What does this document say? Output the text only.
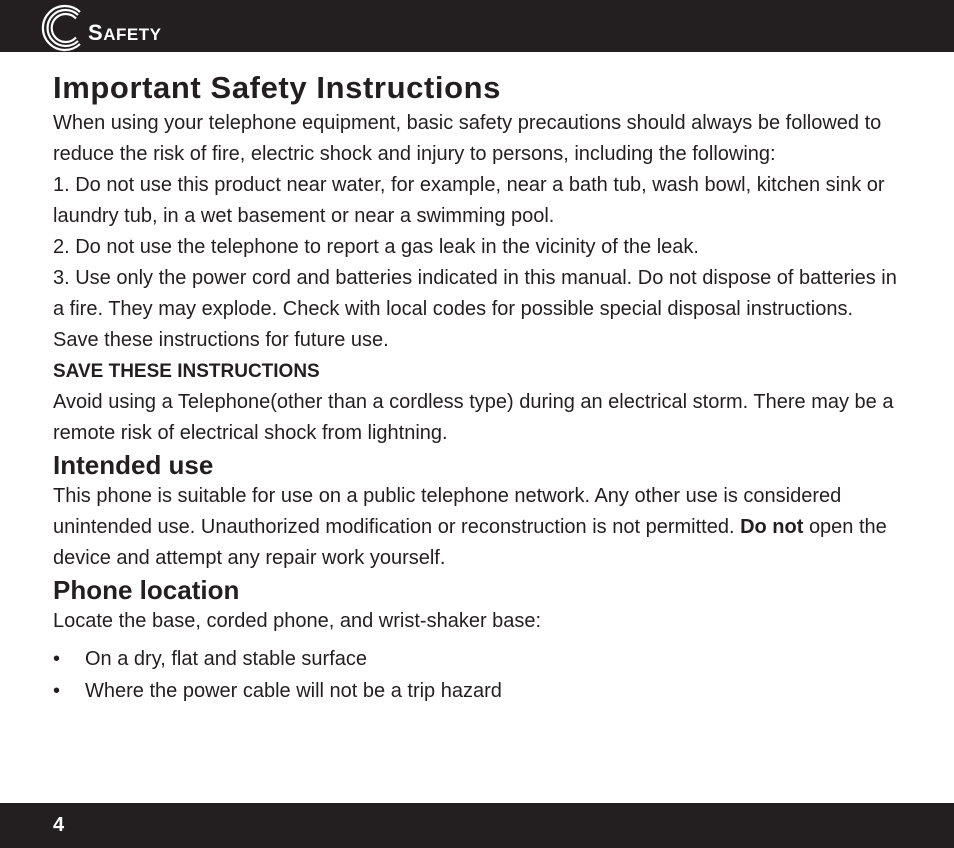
SAFETY
Important Safety Instructions

When using your telephone equipment, basic safety precautions should always be followed to reduce the risk of fire, electric shock and injury to persons, including the following:

1. Do not use this product near water, for example, near a bath tub, wash bowl, kitchen sink or laundry tub, in a wet basement or near a swimming pool.

2. Do not use the telephone to report a gas leak in the vicinity of the leak.

3. Use only the power cord and batteries indicated in this manual. Do not dispose of batteries in a fire. They may explode. Check with local codes for possible special disposal instructions. Save these instructions for future use.

SAVE THESE INSTRUCTIONS

Avoid using a Telephone(other than a cordless type) during an electrical storm. There may be a remote risk of electrical shock from lightning.

Intended use

This phone is suitable for use on a public telephone network. Any other use is considered unintended use. Unauthorized modification or reconstruction is not permitted. Do not open the device and attempt any repair work yourself.

Phone location

Locate the base, corded phone, and wrist-shaker base:

• On a dry, flat and stable surface
• Where the power cable will not be a trip hazard
4
